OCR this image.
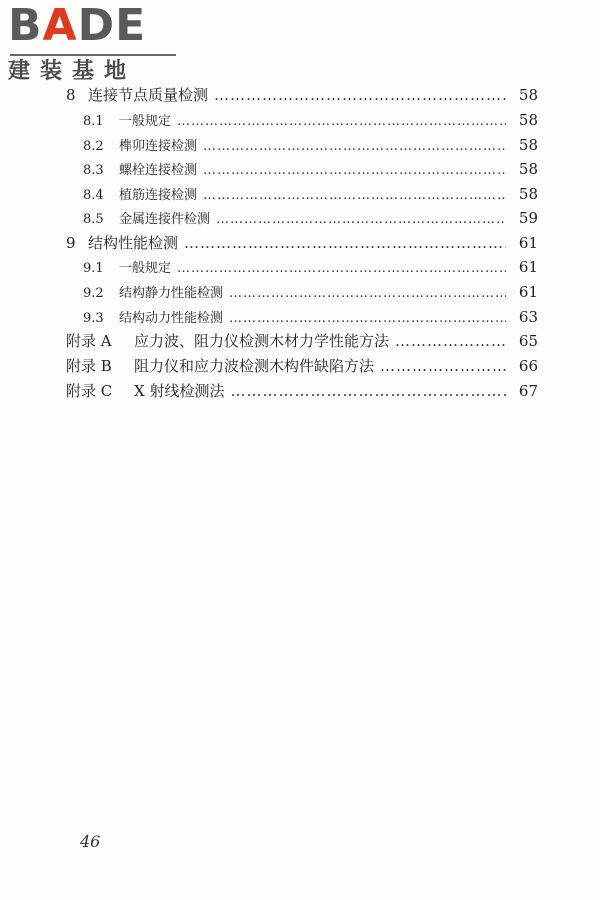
BADE
建装基地
8 连接节点质量检测 ……………………………………………………………………………………………………………………………………	58
8.1	一般规定 ……………………………………………………………………………………………………………………………………	58
8.2	榫卯连接检测 ……………………………………………………………………………………………………………………………………	58
8.3	螺栓连接检测 ……………………………………………………………………………………………………………………………………	58
8.4	植筋连接检测 ……………………………………………………………………………………………………………………………………	58
8.5	金属连接件检测 ……………………………………………………………………………………………………………………………………	59
9 结构性能检测 ……………………………………………………………………………………………………………………………………	61
9.1	一般规定 ……………………………………………………………………………………………………………………………………	61
9.2	结构静力性能检测 ……………………………………………………………………………………………………………………………………	61
9.3	结构动力性能检测 ……………………………………………………………………………………………………………………………………	63
附录 A	应力波、阻力仪检测木材力学性能方法 ……………………………………………………………………………………………………………………………………	65
附录 B	阻力仪和应力波检测木构件缺陷方法 ……………………………………………………………………………………………………………………………………	66
附录 C	X 射线检测法 ……………………………………………………………………………………………………………………………………	67
46
